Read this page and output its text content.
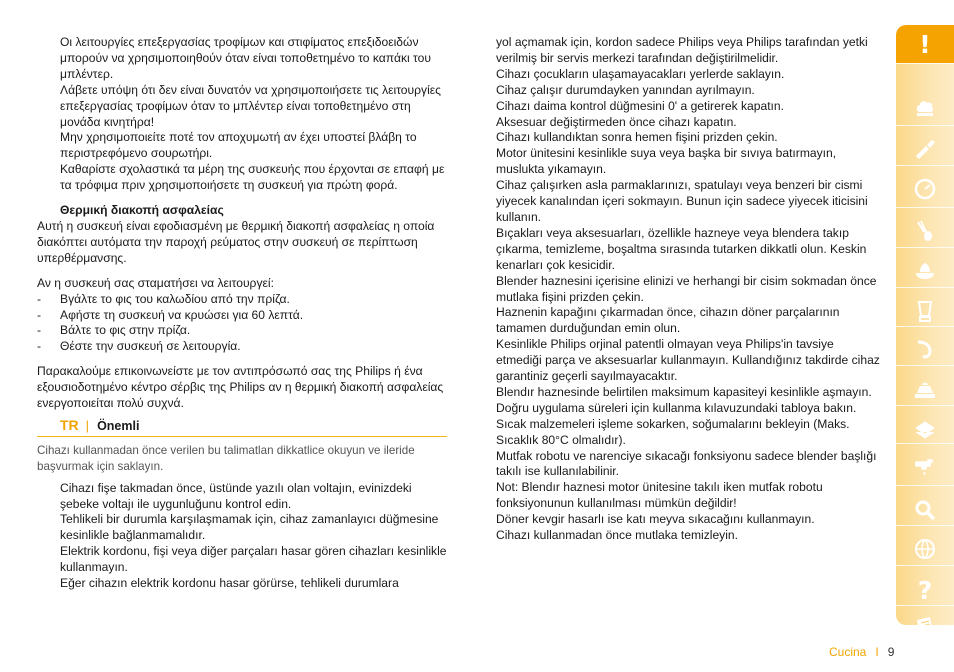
Οι λειτουργίες επεξεργασίας τροφίμων και στιφίματος επεξιδοειδών μπορούν να χρησιμοποιηθούν όταν είναι τοποθετημένο το καπάκι του μπλέντερ.

Λάβετε υπόψη ότι δεν είναι δυνατόν να χρησιμοποιήσετε τις λειτουργίες επεξεργασίας τροφίμων όταν το μπλέντερ είναι τοποθετημένο στη μονάδα κινητήρα!

Μην χρησιμοποιείτε ποτέ τον αποχυμωτή αν έχει υποστεί βλάβη το περιστρεφόμενο σουρωτήρι.

Καθαρίστε σχολαστικά τα μέρη της συσκευής που έρχονται σε επαφή με τα τρόφιμα πριν χρησιμοποιήσετε τη συσκευή για πρώτη φορά.

Θερμική διακοπή ασφαλείας

Αυτή η συσκευή είναι εφοδιασμένη με θερμική διακοπή ασφαλείας η οποία διακόπτει αυτόματα την παροχή ρεύματος στην συσκευή σε περίπτωση υπερθέρμανσης.

Αν η συσκευή σας σταματήσει να λειτουργεί:

-	Βγάλτε το φις του καλωδίου από την πρίζα.
-	Αφήστε τη συσκευή να κρυώσει για 60 λεπτά.
-	Βάλτε το φις στην πρίζα.
-	Θέστε την συσκευή σε λειτουργία.

Παρακαλούμε επικοινωνείστε με τον αντιπρόσωπό σας της Philips ή ένα εξουσιοδοτημένο κέντρο σέρβις της Philips αν η θερμική διακοπή ασφαλείας ενεργοποιείται πολύ συχνά.

TR | Önemli

Cihazı kullanmadan önce verilen bu talimatlan dikkatlice okuyun ve ileride başvurmak için saklayın.

Cihazı fişe takmadan önce, üstünde yazılı olan voltajın, evinizdeki şebeke voltajı ile uygunluğunu kontrol edin.

Tehlikeli bir durumla karşılaşmamak için, cihaz zamanlayıcı düğmesine kesinlikle bağlanmamalıdır.

Elektrik kordonu, fişi veya diğer parçaları hasar gören cihazları kesinlikle kullanmayın.

Eğer cihazın elektrik kordonu hasar görürse, tehlikeli durumlara

yol açmamak için, kordon sadece Philips veya Philips tarafından yetki verilmiş bir servis merkezi tarafından değiştirilmelidir.

Cihazı çocukların ulaşamayacakları yerlerde saklayın.

Cihaz çalışır durumdayken yanından ayrılmayın.

Cihazı daima kontrol düğmesini 0' a getirerek kapatın.

Aksesuar değiştirmeden önce cihazı kapatın.

Cihazı kullandıktan sonra hemen fişini prizden çekin.

Motor ünitesini kesinlikle suya veya başka bir sıvıya batırmayın, muslukta yıkamayın.

Cihaz çalışırken asla parmaklarınızı, spatulayı veya benzeri bir cismi yiyecek kanalından içeri sokmayın. Bunun için sadece yiyecek iticisini kullanın.

Bıçakları veya aksesuarları, özellikle hazneye veya blendera takıp çıkarma, temizleme, boşaltma sırasında tutarken dikkatli olun. Keskin kenarları çok kesicidir.

Blender haznesini içerisine elinizi ve herhangi bir cisim sokmadan önce mutlaka fişini prizden çekin.

Haznenin kapağını çıkarmadan önce, cihazın döner parçalarının tamamen durduğundan emin olun.

Kesinlikle Philips orjinal patentli olmayan veya Philips'in tavsiye etmediği parça ve aksesuarlar kullanmayın. Kullandığınız takdirde cihaz garantiniz geçerli sayılmayacaktır.

Blendır haznesinde belirtilen maksimum kapasiteyi kesinlikle aşmayın.

Doğru uygulama süreleri için kullanma kılavuzundaki tabloya bakın.

Sıcak malzemeleri işleme sokarken, soğumalarını bekleyin (Maks. Sıcaklık 80°C olmalıdır).

Mutfak robotu ve narenciye sıkacağı fonksiyonu sadece blender başlığı takılı ise kullanılabilinir.

Not: Blendır haznesi motor ünitesine takılı iken mutfak robotu fonksiyonunun kullanılması mümkün değildir!

Döner kevgir hasarlı ise katı meyva sıkacağını kullanmayın.

Cihazı kullanmadan önce mutlaka temizleyin.

!
?
Cucina I 9
